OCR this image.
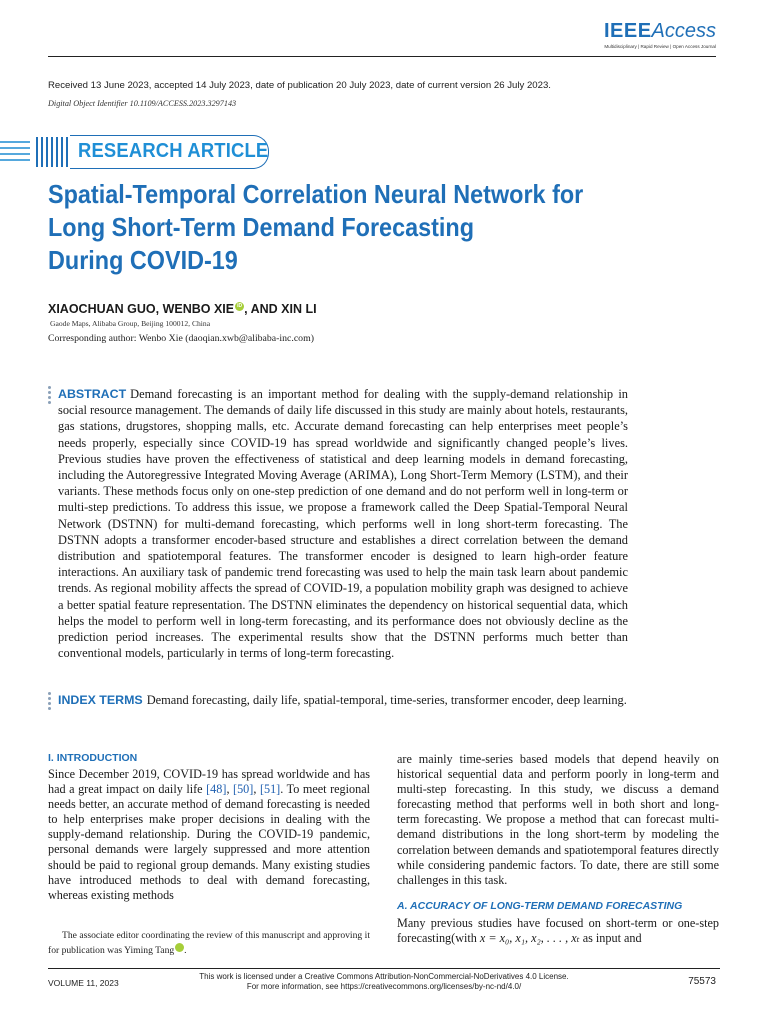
IEEEAccess
Multidisciplinary | Rapid Review | Open Access Journal
Received 13 June 2023, accepted 14 July 2023, date of publication 20 July 2023, date of current version 26 July 2023.
Digital Object Identifier 10.1109/ACCESS.2023.3297143
RESEARCH ARTICLE
Spatial-Temporal Correlation Neural Network for
Long Short-Term Demand Forecasting
During COVID-19
XIAOCHUAN GUO, WENBO XIE iD , AND XIN LI
Gaode Maps, Alibaba Group, Beijing 100012, China
Corresponding author: Wenbo Xie (daoqian.xwb@alibaba-inc.com)
ABSTRACT Demand forecasting is an important method for dealing with the supply-demand relationship in social resource management. The demands of daily life discussed in this study are mainly about hotels, restaurants, gas stations, drugstores, shopping malls, etc. Accurate demand forecasting can help enterprises meet people’s needs properly, especially since COVID-19 has spread worldwide and significantly changed people’s lives. Previous studies have proven the effectiveness of statistical and deep learning models in demand forecasting, including the Autoregressive Integrated Moving Average (ARIMA), Long Short-Term Memory (LSTM), and their variants. These methods focus only on one-step prediction of one demand and do not perform well in long-term or multi-step predictions. To address this issue, we propose a framework called the Deep Spatial-Temporal Neural Network (DSTNN) for multi-demand forecasting, which performs well in long short-term forecasting. The DSTNN adopts a transformer encoder-based structure and establishes a direct correlation between the demand distribution and spatiotemporal features. The transformer encoder is designed to learn high-order feature interactions. An auxiliary task of pandemic trend forecasting was used to help the main task learn about pandemic trends. As regional mobility affects the spread of COVID-19, a population mobility graph was designed to achieve a better spatial feature representation. The DSTNN eliminates the dependency on historical sequential data, which helps the model to perform well in long-term forecasting, and its performance does not obviously decline as the prediction period increases. The experimental results show that the DSTNN performs much better than conventional models, particularly in terms of long-term forecasting.
INDEX TERMS Demand forecasting, daily life, spatial-temporal, time-series, transformer encoder, deep learning.
I. INTRODUCTION
Since December 2019, COVID-19 has spread worldwide and has had a great impact on daily life [48], [50], [51]. To meet regional needs better, an accurate method of demand forecasting is needed to help enterprises make proper decisions in dealing with the supply-demand relationship. During the COVID-19 pandemic, personal demands were largely suppressed and more attention should be paid to regional group demands. Many existing studies have introduced methods to deal with demand forecasting, whereas existing methods
The associate editor coordinating the review of this manuscript and approving it for publication was Yiming Tang	iD.
are mainly time-series based models that depend heavily on historical sequential data and perform poorly in long-term and multi-step forecasting. In this study, we discuss a demand forecasting method that performs well in both short and long-term forecasting. We propose a method that can forecast multi-demand distributions in the long short-term by modeling the correlation between demands and spatiotemporal features directly while considering pandemic factors. To date, there are still some challenges in this task.
A. ACCURACY OF LONG-TERM DEMAND FORECASTING
Many previous studies have focused on short-term or one-step forecasting(with x = x₀, x₁, x₂, . . . , xₜ as input and
This work is licensed under a Creative Commons Attribution-NonCommercial-NoDerivatives 4.0 License.
For more information, see https://creativecommons.org/licenses/by-nc-nd/4.0/
VOLUME 11, 2023	75573
